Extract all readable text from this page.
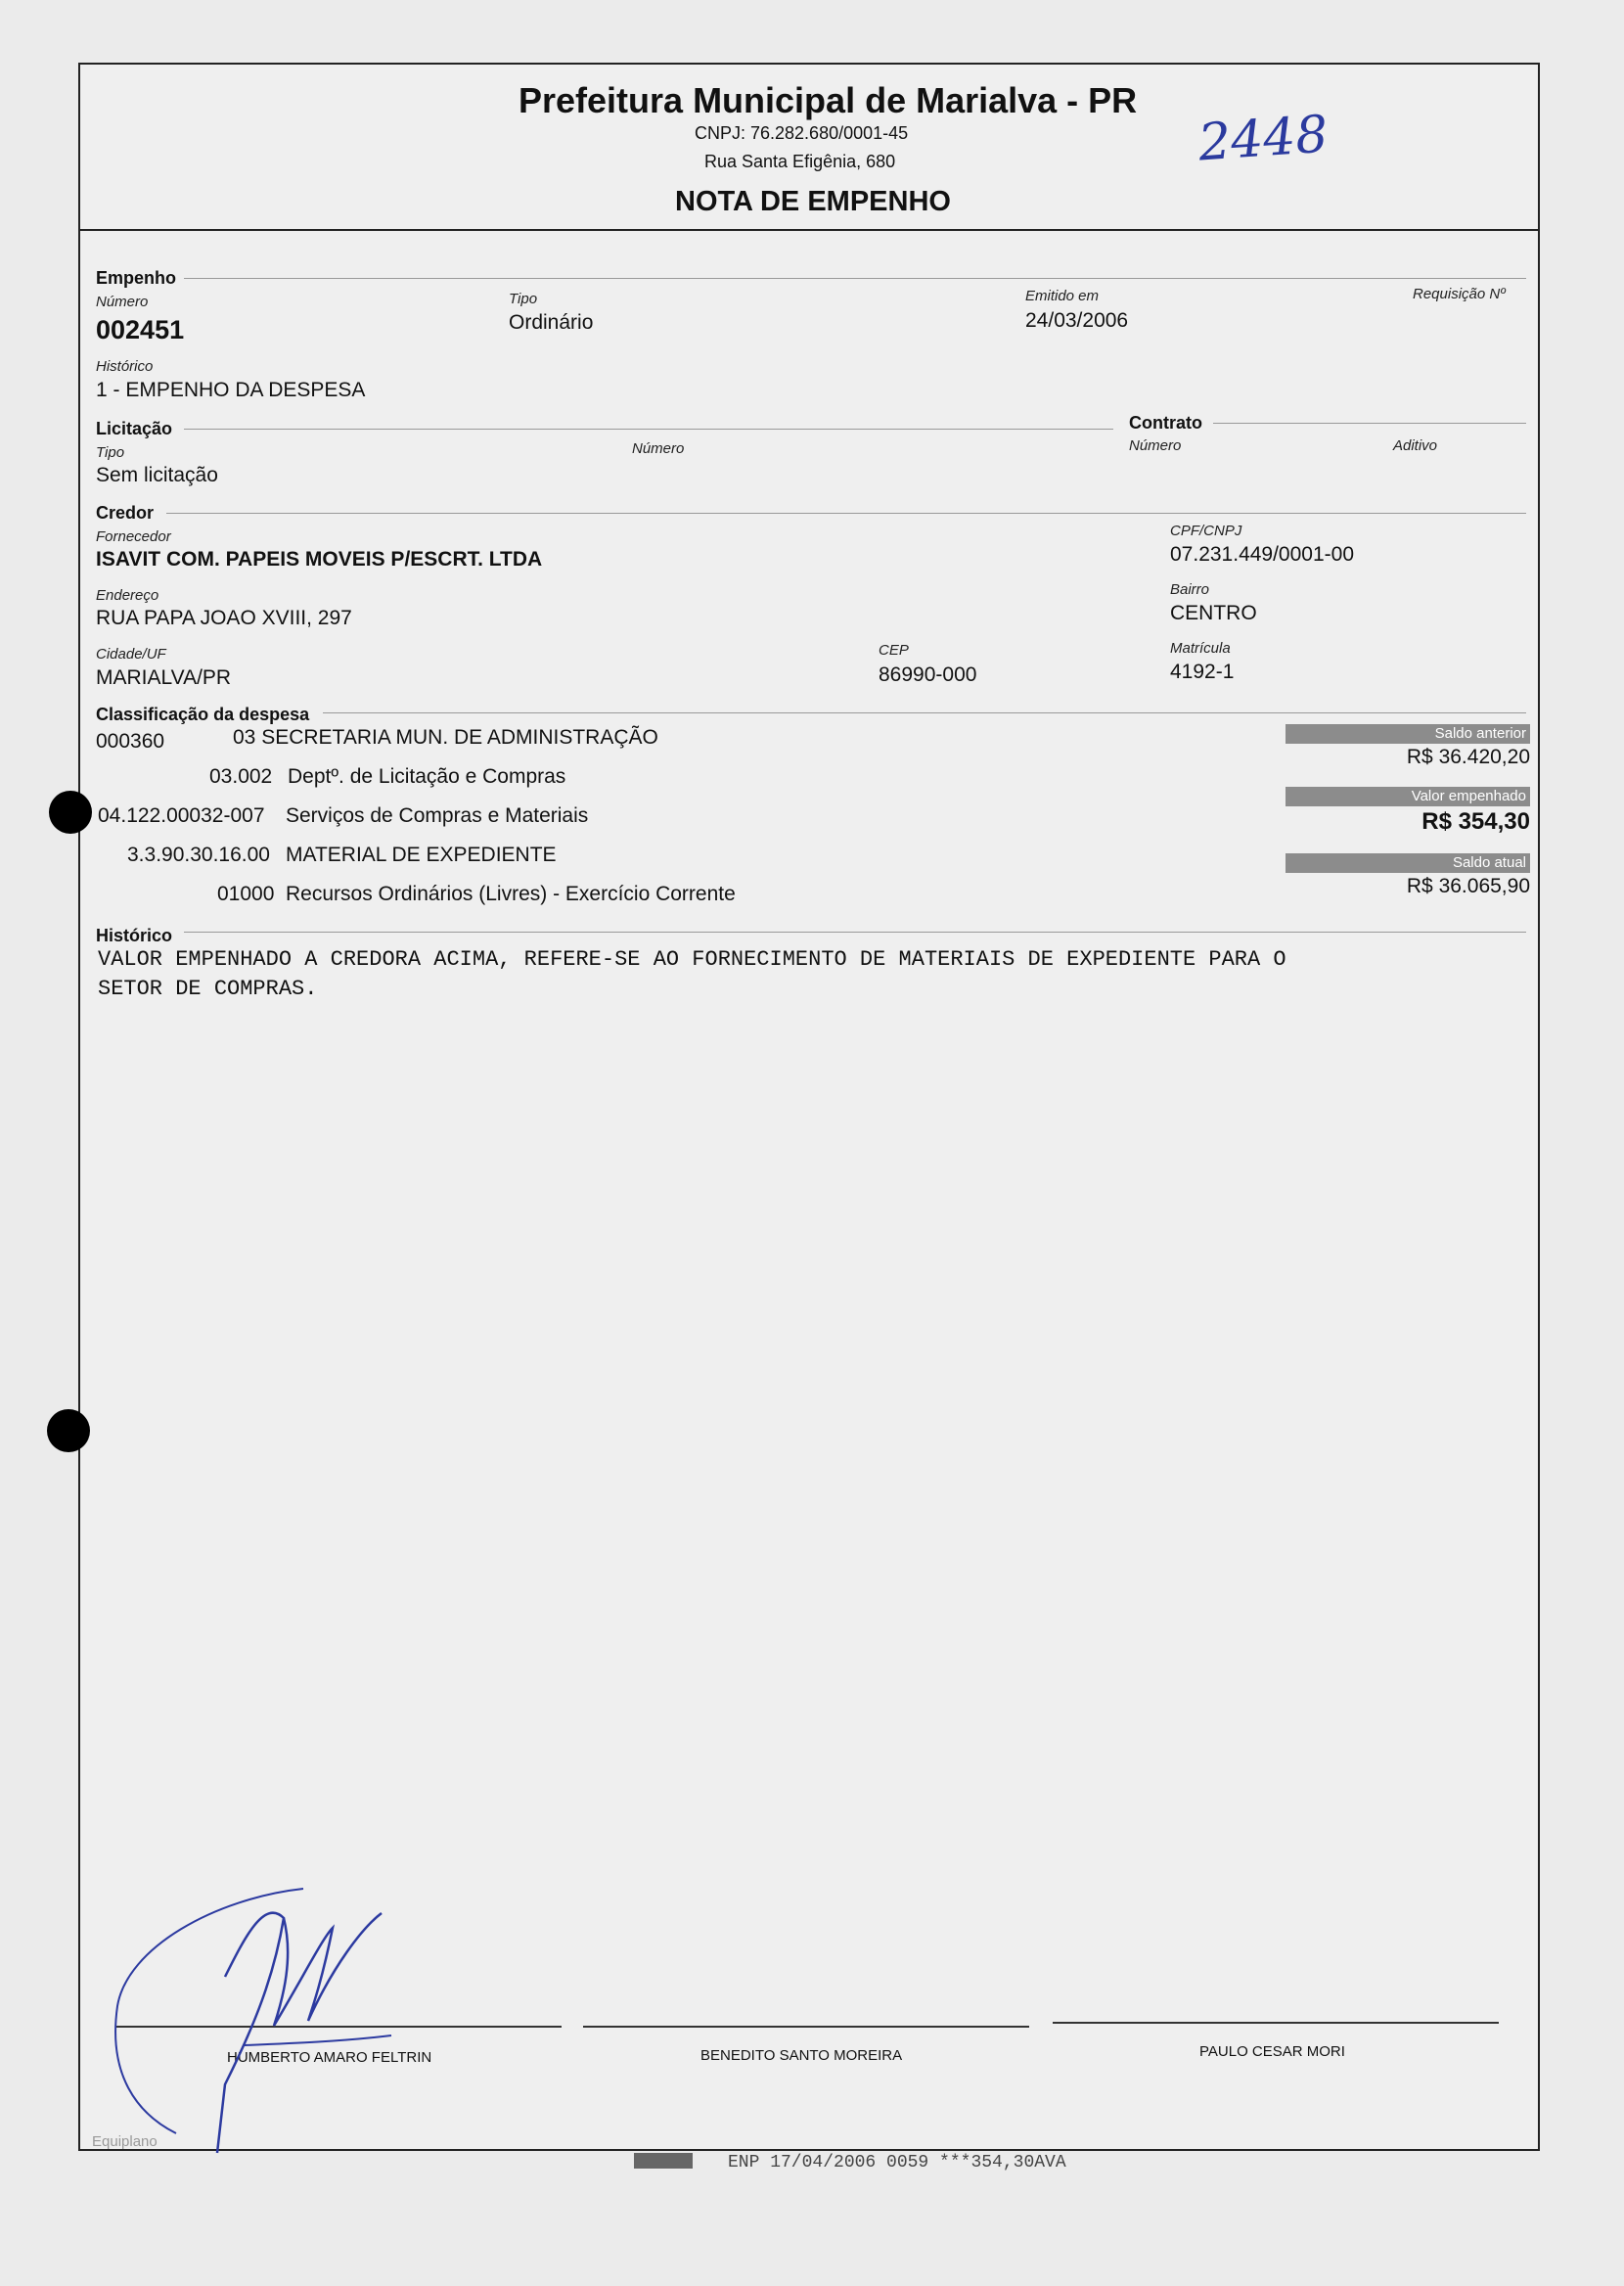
Prefeitura Municipal de Marialva - PR
CNPJ: 76.282.680/0001-45
Rua Santa Efigênia, 680
NOTA DE EMPENHO
2448
Empenho
Número
002451
Tipo
Ordinário
Emitido em
24/03/2006
Requisição Nº
Histórico
1 - EMPENHO DA DESPESA
Licitação	Contrato
Tipo
Sem licitação
Número	Número	Aditivo
Credor
Fornecedor
ISAVIT COM. PAPEIS MOVEIS P/ESCRT. LTDA
CPF/CNPJ
07.231.449/0001-00
Endereço
RUA PAPA JOAO XVIII, 297
Bairro
CENTRO
Cidade/UF
MARIALVA/PR
CEP
86990-000
Matrícula
4192-1
Classificação da despesa
000360	03 SECRETARIA MUN. DE ADMINISTRAÇÃO
03.002 Deptº. de Licitação e Compras
04.122.00032-007 Serviços de Compras e Materiais
3.3.90.30.16.00 MATERIAL DE EXPEDIENTE
01000 Recursos Ordinários (Livres) - Exercício Corrente
Saldo anterior
R$ 36.420,20
Valor empenhado
R$ 354,30
Saldo atual
R$ 36.065,90
Histórico
VALOR EMPENHADO A CREDORA ACIMA, REFERE-SE AO FORNECIMENTO DE MATERIAIS DE EXPEDIENTE PARA O
SETOR DE COMPRAS.
HUMBERTO AMARO FELTRIN	BENEDITO SANTO MOREIRA	PAULO CESAR MORI
Equiplano
ENP 17/04/2006 0059 ***354,30AVA
